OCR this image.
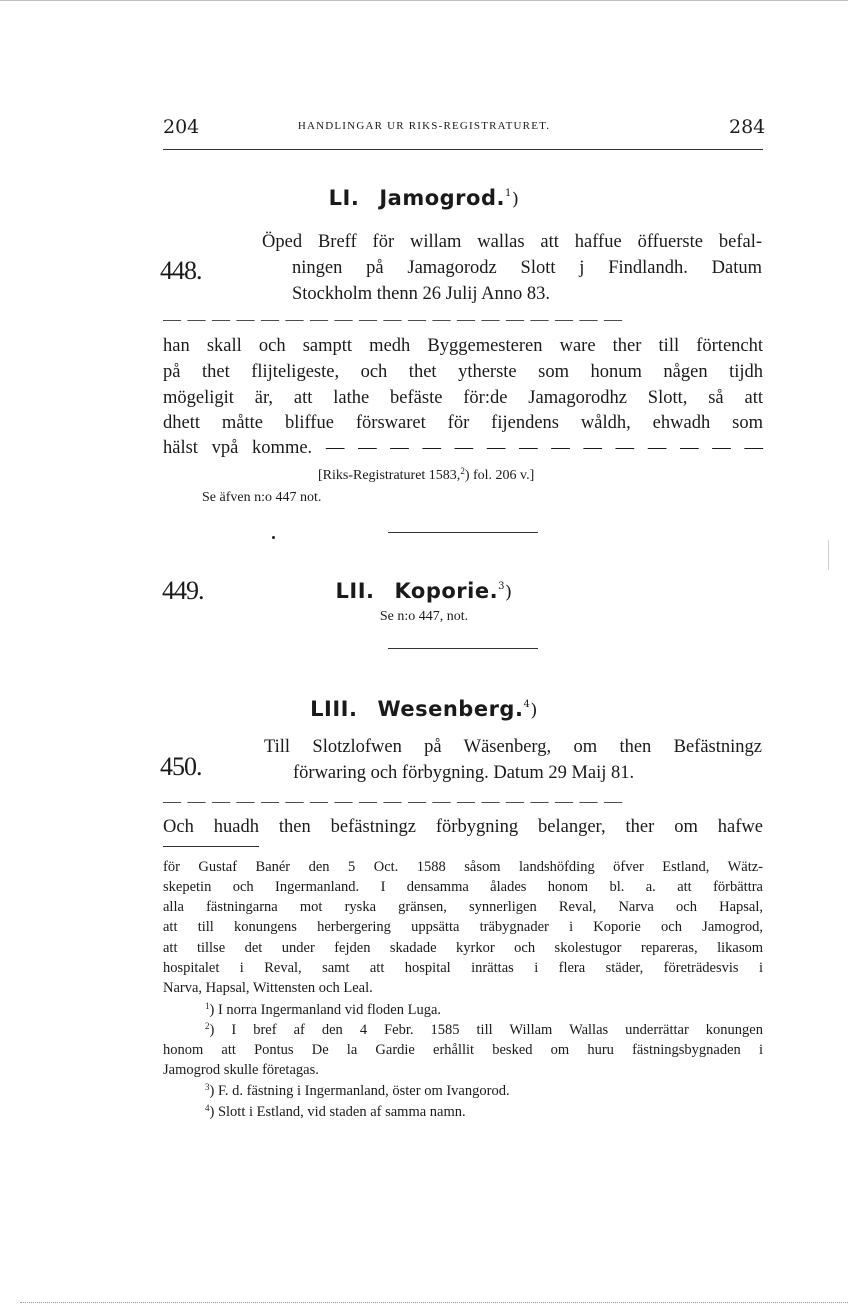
204	HANDLINGAR UR RIKS-REGISTRATURET.	284
LI. Jamogrod.$^1$)
448.
Öped Breff för willam wallas att haffue öffuerste befal-
ningen på Jamagorodz Slott j Findlandh. Datum
Stockholm thenn 26 Julij Anno 83.
— — — — — — — — — — — — — — — — — — —
han skall och samptt medh Byggemesteren ware ther till förtencht
på thet flijteligeste, och thet ytherste som honum någen tijdh
mögeligit är, att lathe befäste för:de Jamagorodhz Slott, så att
dhett måtte bliffue förswaret för fijendens wåldh, ehwadh som
hälst vpå komme. — — — — — — — — — — — — — —
[Riks-Registraturet 1583,$^2$) fol. 206 v.]
Se äfven n:o 447 not.
449.	LII. Koporie.$^3$)
Se n:o 447, not.
LIII. Wesenberg.$^4$)
450.
Till Slotzlofwen på Wäsenberg, om then Befästningz
förwaring och förbygning. Datum 29 Maij 81.
— — — — — — — — — — — — — — — — — — —
Och huadh then befästningz förbygning belanger, ther om hafwe
för Gustaf Banér den 5 Oct. 1588 såsom landshöfding öfver Estland, Wätz-
skepetin och Ingermanland. I densamma ålades honom bl. a. att förbättra
alla fästningarna mot ryska gränsen, synnerligen Reval, Narva och Hapsal,
att till konungens herbergering uppsätta träbygnader i Koporie och Jamogrod,
att tillse det under fejden skadade kyrkor och skolestugor repareras, likasom
hospitalet i Reval, samt att hospital inrättas i flera städer, företrädesvis i
Narva, Hapsal, Wittensten och Leal.
$^1$) I norra Ingermanland vid floden Luga.
$^2$) I bref af den 4 Febr. 1585 till Willam Wallas underrättar konungen
honom att Pontus De la Gardie erhållit besked om huru fästningsbygnaden i
Jamogrod skulle företagas.
$^3$) F. d. fästning i Ingermanland, öster om Ivangorod.
$^4$) Slott i Estland, vid staden af samma namn.
